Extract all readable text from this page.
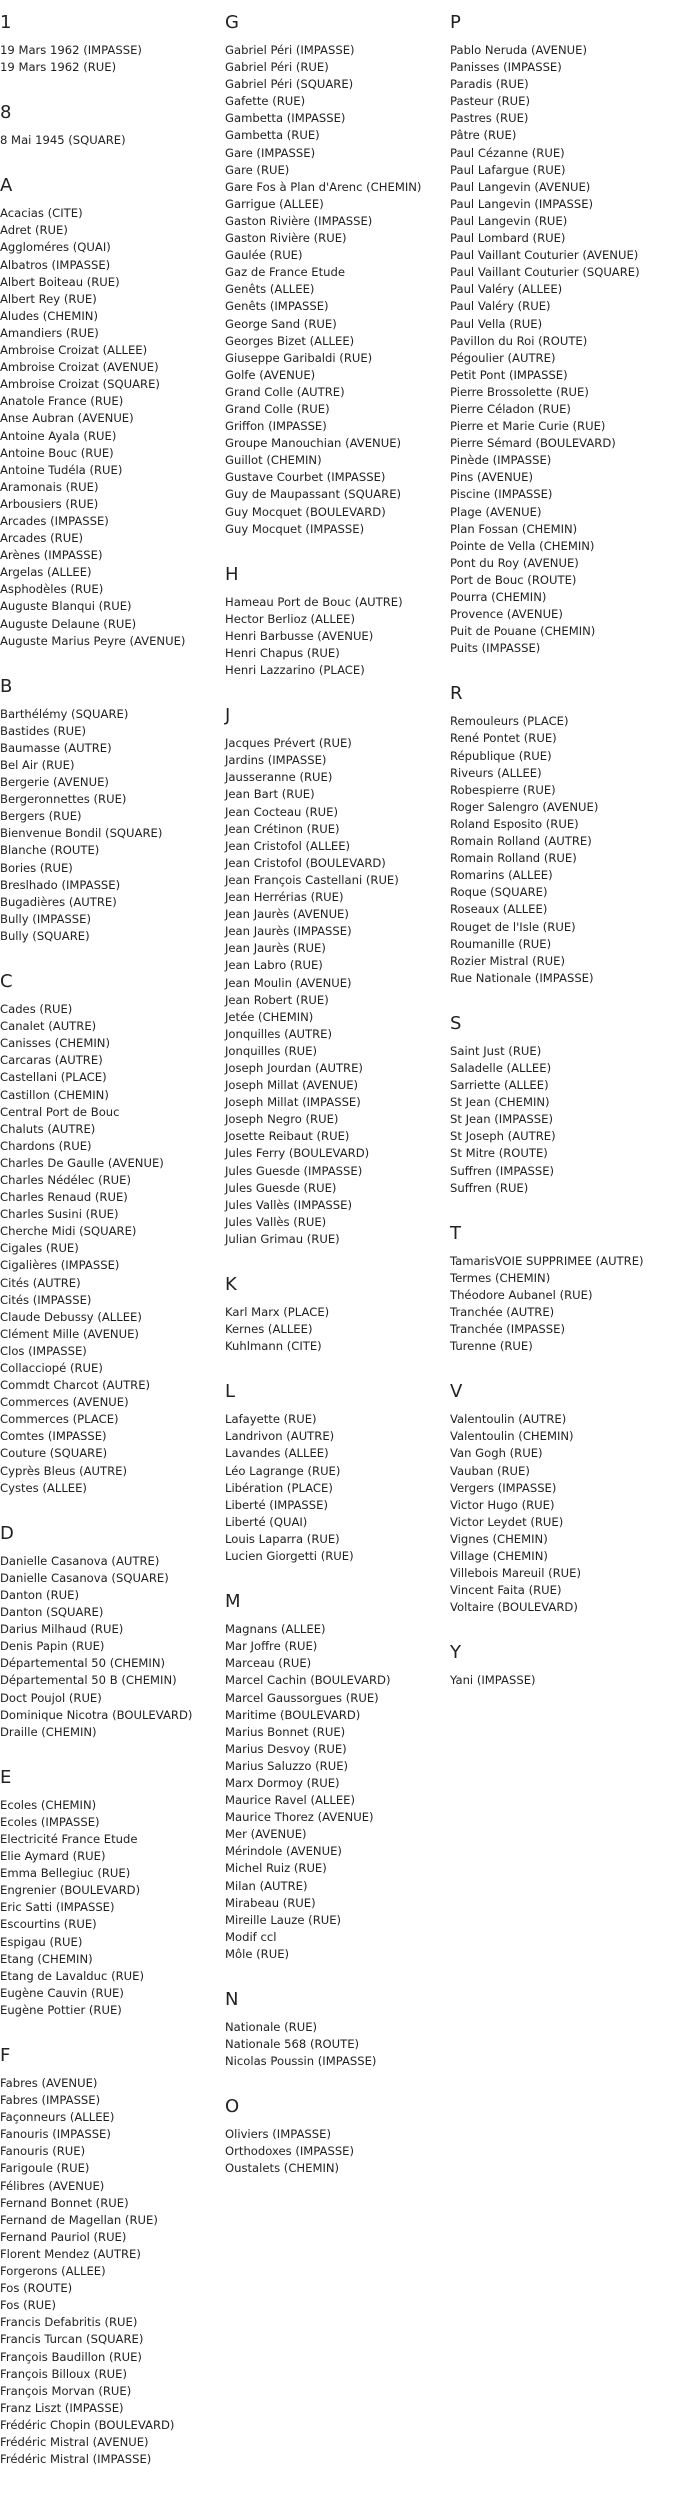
1
19 Mars 1962 (IMPASSE)
19 Mars 1962 (RUE)
8
8 Mai 1945 (SQUARE)
A
Acacias (CITE)
Adret (RUE)
Aggloméres (QUAI)
Albatros (IMPASSE)
Albert Boiteau (RUE)
Albert Rey (RUE)
Aludes (CHEMIN)
Amandiers (RUE)
Ambroise Croizat (ALLEE)
Ambroise Croizat (AVENUE)
Ambroise Croizat (SQUARE)
Anatole France (RUE)
Anse Aubran (AVENUE)
Antoine Ayala (RUE)
Antoine Bouc (RUE)
Antoine Tudéla (RUE)
Aramonais (RUE)
Arbousiers (RUE)
Arcades (IMPASSE)
Arcades (RUE)
Arènes (IMPASSE)
Argelas (ALLEE)
Asphodèles (RUE)
Auguste Blanqui (RUE)
Auguste Delaune (RUE)
Auguste Marius Peyre (AVENUE)
B
Barthélémy (SQUARE)
Bastides (RUE)
Baumasse (AUTRE)
Bel Air (RUE)
Bergerie (AVENUE)
Bergeronnettes (RUE)
Bergers (RUE)
Bienvenue Bondil (SQUARE)
Blanche (ROUTE)
Bories (RUE)
Breslhado (IMPASSE)
Bugadières (AUTRE)
Bully (IMPASSE)
Bully (SQUARE)
C
Cades (RUE)
Canalet (AUTRE)
Canisses (CHEMIN)
Carcaras (AUTRE)
Castellani (PLACE)
Castillon (CHEMIN)
Central Port de Bouc
Chaluts (AUTRE)
Chardons (RUE)
Charles De Gaulle (AVENUE)
Charles Nédélec (RUE)
Charles Renaud (RUE)
Charles Susini (RUE)
Cherche Midi (SQUARE)
Cigales (RUE)
Cigalières (IMPASSE)
Cités (AUTRE)
Cités (IMPASSE)
Claude Debussy (ALLEE)
Clément Mille (AVENUE)
Clos (IMPASSE)
Collacciopé (RUE)
Commdt Charcot (AUTRE)
Commerces (AVENUE)
Commerces (PLACE)
Comtes (IMPASSE)
Couture (SQUARE)
Cyprès Bleus (AUTRE)
Cystes (ALLEE)
D
Danielle Casanova (AUTRE)
Danielle Casanova (SQUARE)
Danton (RUE)
Danton (SQUARE)
Darius Milhaud (RUE)
Denis Papin (RUE)
Départemental 50 (CHEMIN)
Départemental 50 B (CHEMIN)
Doct Poujol (RUE)
Dominique Nicotra (BOULEVARD)
Draille (CHEMIN)
E
Ecoles (CHEMIN)
Ecoles (IMPASSE)
Electricité France Etude
Elie Aymard (RUE)
Emma Bellegiuc (RUE)
Engrenier (BOULEVARD)
Eric Satti (IMPASSE)
Escourtins (RUE)
Espigau (RUE)
Etang (CHEMIN)
Etang de Lavalduc (RUE)
Eugène Cauvin (RUE)
Eugène Pottier (RUE)
F
Fabres (AVENUE)
Fabres (IMPASSE)
Façonneurs (ALLEE)
Fanouris (IMPASSE)
Fanouris (RUE)
Farigoule (RUE)
Félibres (AVENUE)
Fernand Bonnet (RUE)
Fernand de Magellan (RUE)
Fernand Pauriol (RUE)
Florent Mendez (AUTRE)
Forgerons (ALLEE)
Fos (ROUTE)
Fos (RUE)
Francis Defabritis (RUE)
Francis Turcan (SQUARE)
François Baudillon (RUE)
François Billoux (RUE)
François Morvan (RUE)
Franz Liszt (IMPASSE)
Frédéric Chopin (BOULEVARD)
Frédéric Mistral (AVENUE)
Frédéric Mistral (IMPASSE)
G
Gabriel Péri (IMPASSE)
Gabriel Péri (RUE)
Gabriel Péri (SQUARE)
Gafette (RUE)
Gambetta (IMPASSE)
Gambetta (RUE)
Gare (IMPASSE)
Gare (RUE)
Gare Fos à Plan d'Arenc (CHEMIN)
Garrigue (ALLEE)
Gaston Rivière (IMPASSE)
Gaston Rivière (RUE)
Gaulée (RUE)
Gaz de France Etude
Genêts (ALLEE)
Genêts (IMPASSE)
George Sand (RUE)
Georges Bizet (ALLEE)
Giuseppe Garibaldi (RUE)
Golfe (AVENUE)
Grand Colle (AUTRE)
Grand Colle (RUE)
Griffon (IMPASSE)
Groupe Manouchian (AVENUE)
Guillot (CHEMIN)
Gustave Courbet (IMPASSE)
Guy de Maupassant (SQUARE)
Guy Mocquet (BOULEVARD)
Guy Mocquet (IMPASSE)
H
Hameau Port de Bouc (AUTRE)
Hector Berlioz (ALLEE)
Henri Barbusse (AVENUE)
Henri Chapus (RUE)
Henri Lazzarino (PLACE)
J
Jacques Prévert (RUE)
Jardins (IMPASSE)
Jausseranne (RUE)
Jean Bart (RUE)
Jean Cocteau (RUE)
Jean Crétinon (RUE)
Jean Cristofol (ALLEE)
Jean Cristofol (BOULEVARD)
Jean François Castellani (RUE)
Jean Herrérias (RUE)
Jean Jaurès (AVENUE)
Jean Jaurès (IMPASSE)
Jean Jaurès (RUE)
Jean Labro (RUE)
Jean Moulin (AVENUE)
Jean Robert (RUE)
Jetée (CHEMIN)
Jonquilles (AUTRE)
Jonquilles (RUE)
Joseph Jourdan (AUTRE)
Joseph Millat (AVENUE)
Joseph Millat (IMPASSE)
Joseph Negro (RUE)
Josette Reibaut (RUE)
Jules Ferry (BOULEVARD)
Jules Guesde (IMPASSE)
Jules Guesde (RUE)
Jules Vallès (IMPASSE)
Jules Vallès (RUE)
Julian Grimau (RUE)
K
Karl Marx (PLACE)
Kernes (ALLEE)
Kuhlmann (CITE)
L
Lafayette (RUE)
Landrivon (AUTRE)
Lavandes (ALLEE)
Léo Lagrange (RUE)
Libération (PLACE)
Liberté (IMPASSE)
Liberté (QUAI)
Louis Laparra (RUE)
Lucien Giorgetti (RUE)
M
Magnans (ALLEE)
Mar Joffre (RUE)
Marceau (RUE)
Marcel Cachin (BOULEVARD)
Marcel Gaussorgues (RUE)
Maritime (BOULEVARD)
Marius Bonnet (RUE)
Marius Desvoy (RUE)
Marius Saluzzo (RUE)
Marx Dormoy (RUE)
Maurice Ravel (ALLEE)
Maurice Thorez (AVENUE)
Mer (AVENUE)
Mérindole (AVENUE)
Michel Ruiz (RUE)
Milan (AUTRE)
Mirabeau (RUE)
Mireille Lauze (RUE)
Modif ccl
Môle (RUE)
N
Nationale (RUE)
Nationale 568 (ROUTE)
Nicolas Poussin (IMPASSE)
O
Oliviers (IMPASSE)
Orthodoxes (IMPASSE)
Oustalets (CHEMIN)
P
Pablo Neruda (AVENUE)
Panisses (IMPASSE)
Paradis (RUE)
Pasteur (RUE)
Pastres (RUE)
Pâtre (RUE)
Paul Cézanne (RUE)
Paul Lafargue (RUE)
Paul Langevin (AVENUE)
Paul Langevin (IMPASSE)
Paul Langevin (RUE)
Paul Lombard (RUE)
Paul Vaillant Couturier (AVENUE)
Paul Vaillant Couturier (SQUARE)
Paul Valéry (ALLEE)
Paul Valéry (RUE)
Paul Vella (RUE)
Pavillon du Roi (ROUTE)
Pégoulier (AUTRE)
Petit Pont (IMPASSE)
Pierre Brossolette (RUE)
Pierre Céladon (RUE)
Pierre et Marie Curie (RUE)
Pierre Sémard (BOULEVARD)
Pinède (IMPASSE)
Pins (AVENUE)
Piscine (IMPASSE)
Plage (AVENUE)
Plan Fossan (CHEMIN)
Pointe de Vella (CHEMIN)
Pont du Roy (AVENUE)
Port de Bouc (ROUTE)
Pourra (CHEMIN)
Provence (AVENUE)
Puit de Pouane (CHEMIN)
Puits (IMPASSE)
R
Remouleurs (PLACE)
René Pontet (RUE)
République (RUE)
Riveurs (ALLEE)
Robespierre (RUE)
Roger Salengro (AVENUE)
Roland Esposito (RUE)
Romain Rolland (AUTRE)
Romain Rolland (RUE)
Romarins (ALLEE)
Roque (SQUARE)
Roseaux (ALLEE)
Rouget de l'Isle (RUE)
Roumanille (RUE)
Rozier Mistral (RUE)
Rue Nationale (IMPASSE)
S
Saint Just (RUE)
Saladelle (ALLEE)
Sarriette (ALLEE)
St Jean (CHEMIN)
St Jean (IMPASSE)
St Joseph (AUTRE)
St Mitre (ROUTE)
Suffren (IMPASSE)
Suffren (RUE)
T
TamarisVOIE SUPPRIMEE (AUTRE)
Termes (CHEMIN)
Théodore Aubanel (RUE)
Tranchée (AUTRE)
Tranchée (IMPASSE)
Turenne (RUE)
V
Valentoulin (AUTRE)
Valentoulin (CHEMIN)
Van Gogh (RUE)
Vauban (RUE)
Vergers (IMPASSE)
Victor Hugo (RUE)
Victor Leydet (RUE)
Vignes (CHEMIN)
Village (CHEMIN)
Villebois Mareuil (RUE)
Vincent Faita (RUE)
Voltaire (BOULEVARD)
Y
Yani (IMPASSE)
